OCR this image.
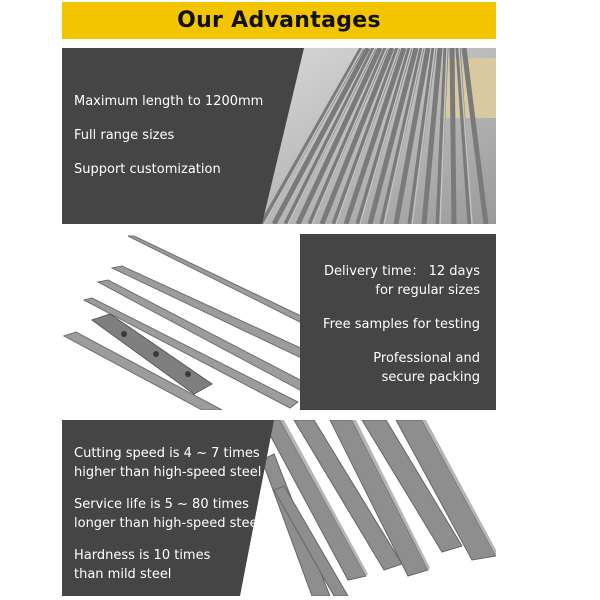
Our Advantages
Maximum length to 1200mm
Full range sizes
Support customization
Delivery time： 12 days
for regular sizes
Free samples for testing
Professional and
secure packing
Cutting speed is 4 ~ 7 times
higher than high-speed steel
Service life is 5 ~ 80 times
longer than high-speed steel
Hardness is 10 times
than mild steel
